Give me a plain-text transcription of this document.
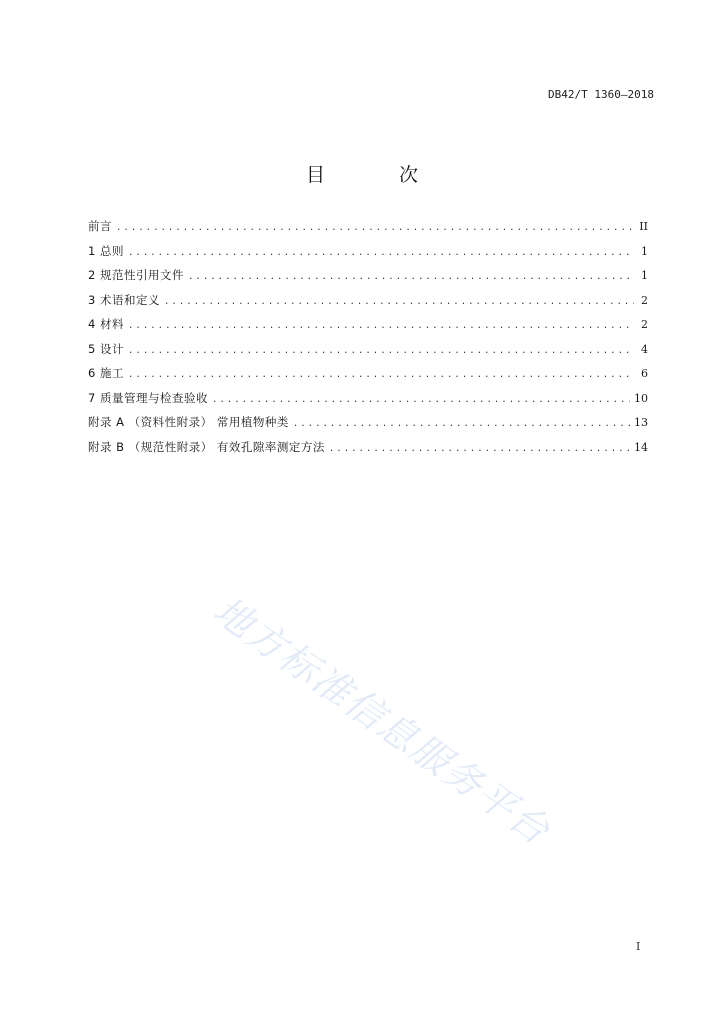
DB42/T 1360—2018
目 次
前言 .....	II
1 总则 .....	1
2 规范性引用文件 .....	1
3 术语和定义 .....	2
4 材料 .....	2
5 设计 .....	4
6 施工 .....	6
7 质量管理与检查验收 .....	10
附录 A （资料性附录） 常用植物种类 .....	13
附录 B （规范性附录） 有效孔隙率测定方法 .....	14
地方标准信息服务平台
I
